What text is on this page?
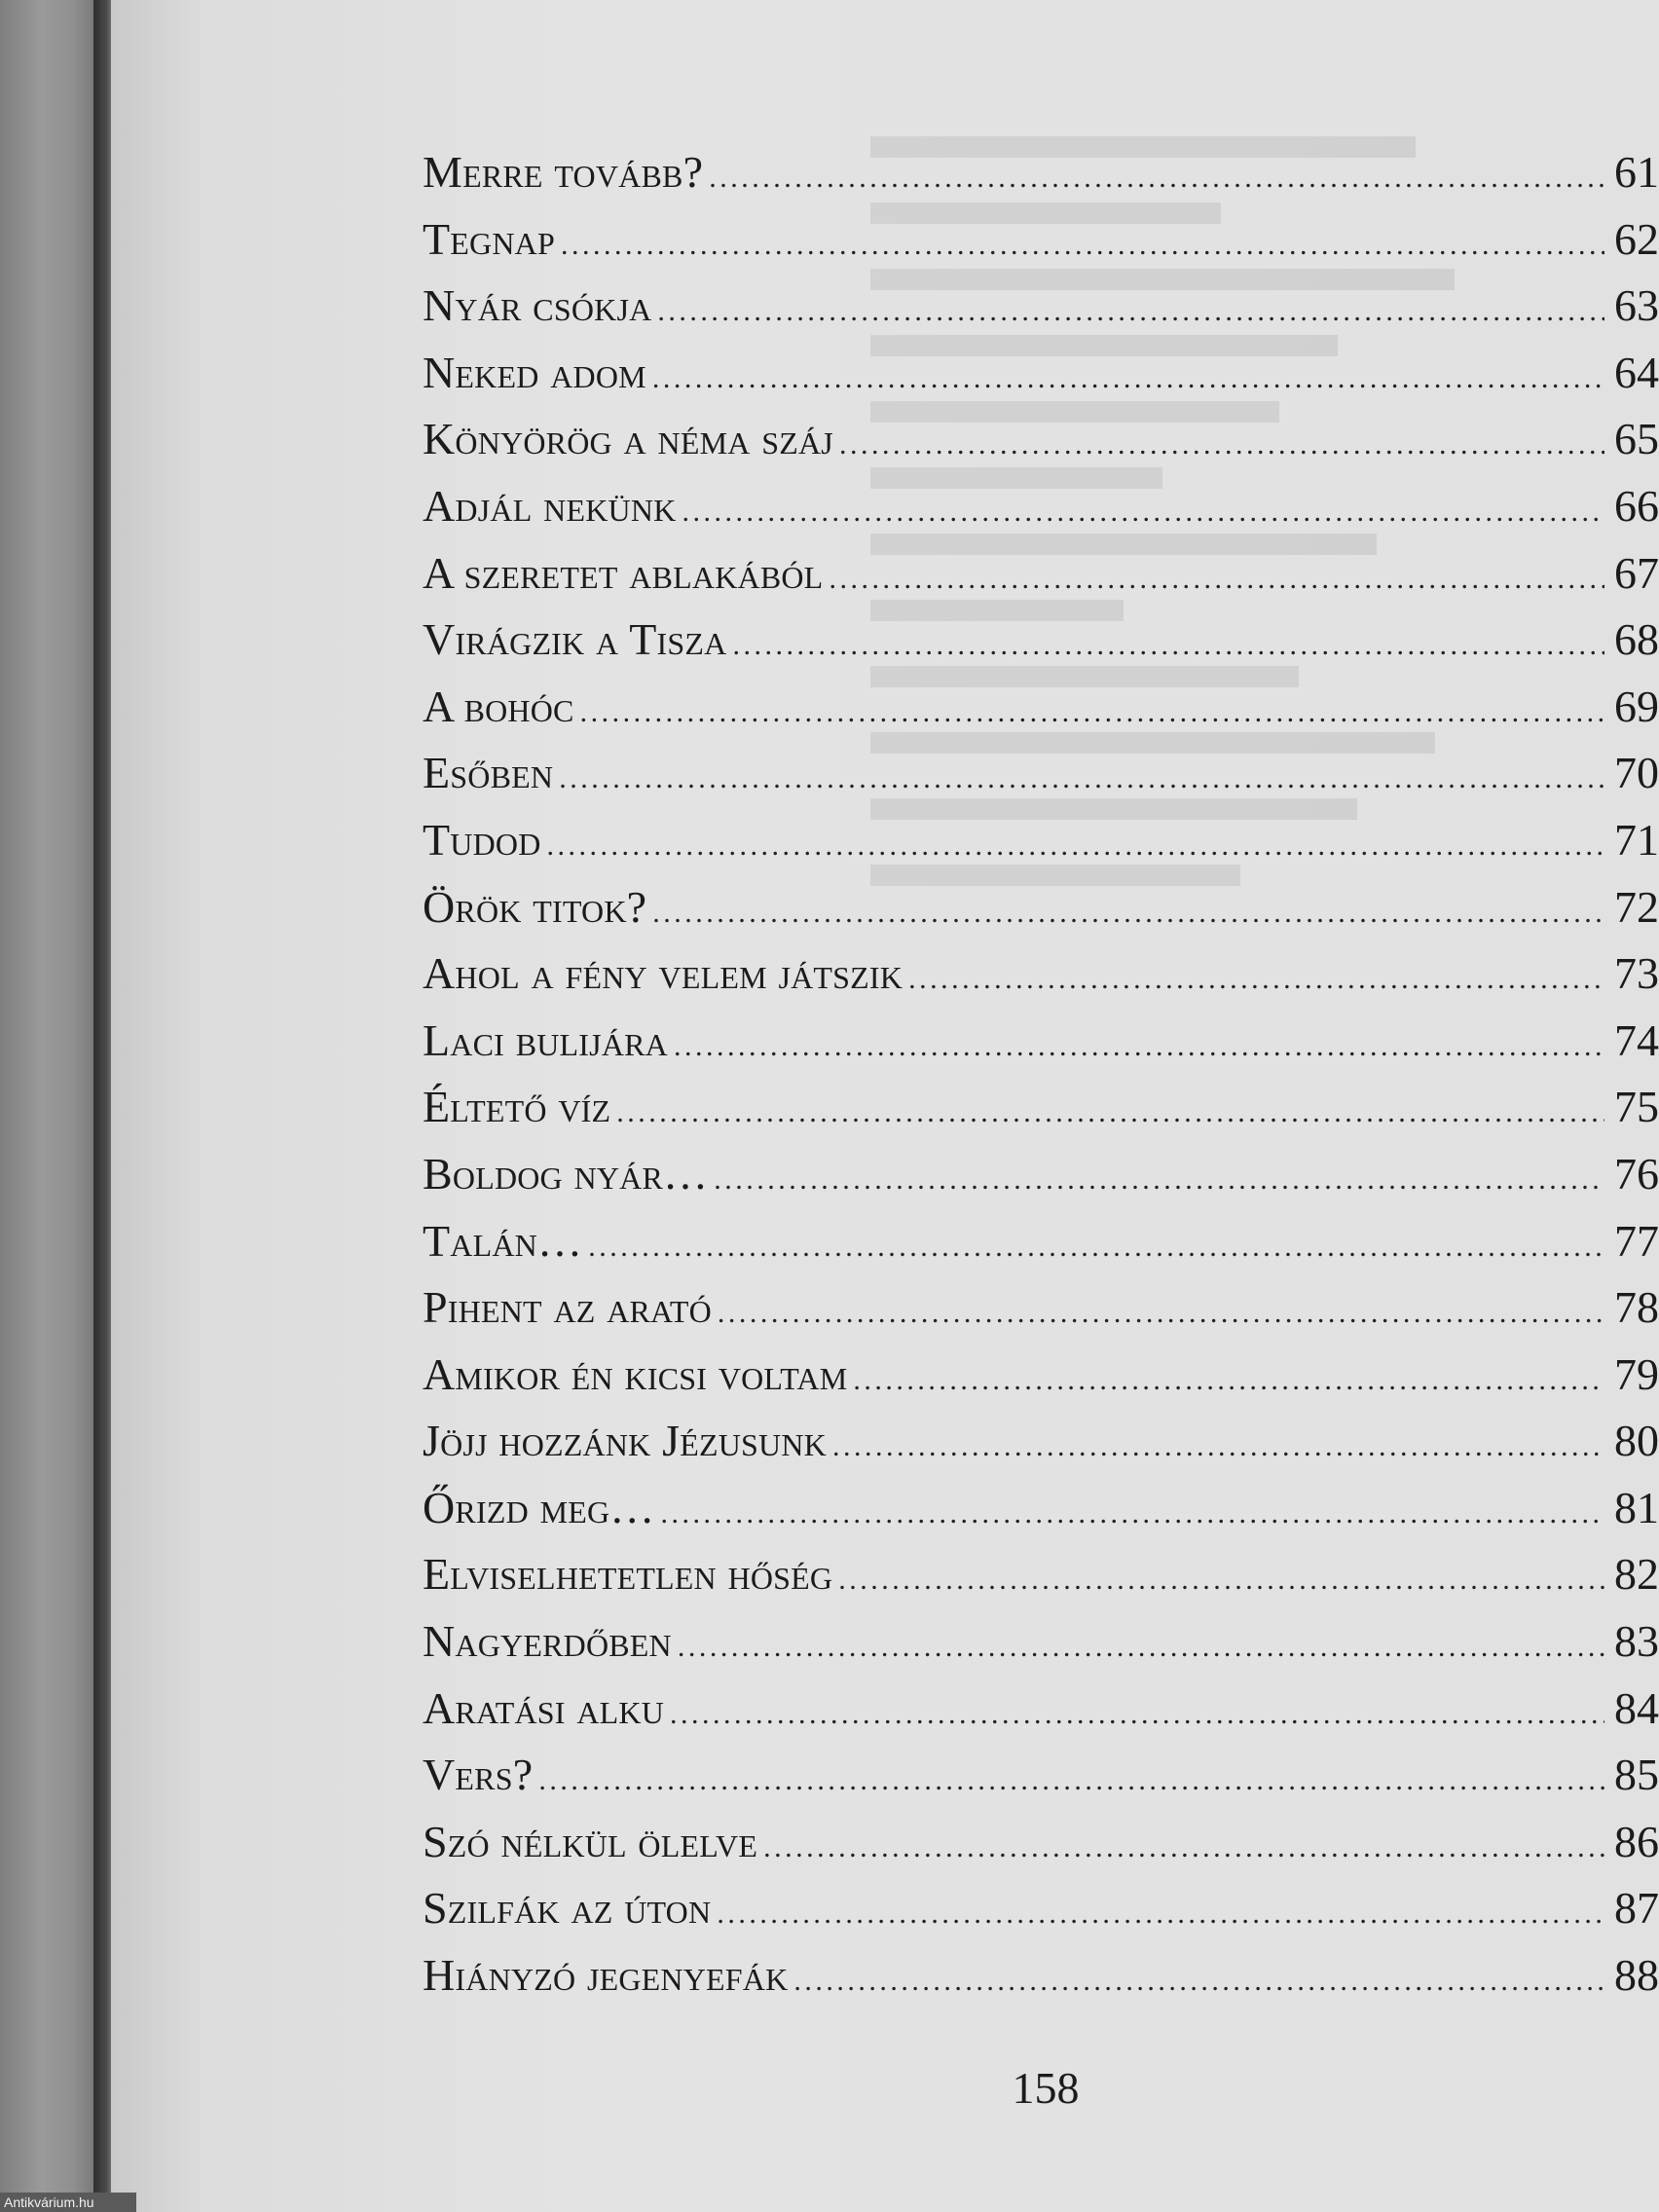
Merre tovább? .....	61
Tegnap .....	62
Nyár csókja .....	63
Neked adom .....	64
Könyörög a néma száj .....	65
Adjál nekünk .....	66
A szeretet ablakából .....	67
Virágzik a Tisza .....	68
A bohóc .....	69
Esőben .....	70
Tudod .....	71
Örök titok? .....	72
Ahol a fény velem játszik .....	73
Laci bulijára .....	74
Éltető víz .....	75
Boldog nyár… .....	76
Talán… .....	77
Pihent az arató .....	78
Amikor én kicsi voltam .....	79
Jöjj hozzánk Jézusunk .....	80
Őrizd meg… .....	81
Elviselhetetlen hőség .....	82
Nagyerdőben .....	83
Aratási alku .....	84
Vers? .....	85
Szó nélkül ölelve .....	86
Szilfák az úton .....	87
Hiányzó jegenyefák .....	88
158
Antikvárium.hu
